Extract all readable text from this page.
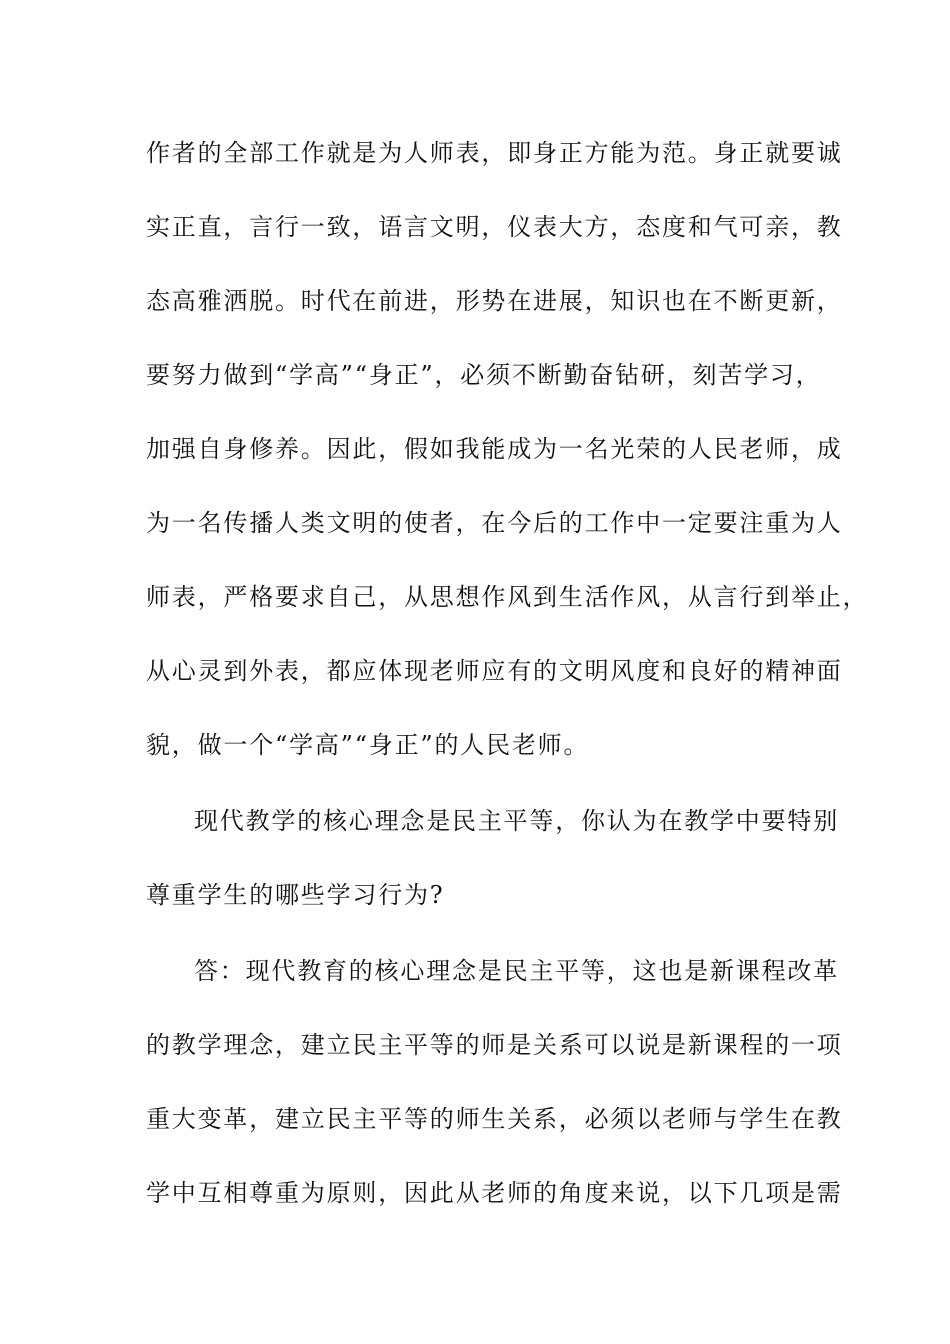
作者的全部工作就是为人师表，即身正方能为范。身正就要诚
实正直，言行一致，语言文明，仪表大方，态度和气可亲，教
态高雅洒脱。时代在前进，形势在进展，知识也在不断更新，
要努力做到“学高”“身正”，必须不断勤奋钻研，刻苦学习，
加强自身修养。因此，假如我能成为一名光荣的人民老师，成
为一名传播人类文明的使者，在今后的工作中一定要注重为人
师表，严格要求自己，从思想作风到生活作风，从言行到举止，
从心灵到外表，都应体现老师应有的文明风度和良好的精神面
貌，做一个“学高”“身正”的人民老师。
现代教学的核心理念是民主平等，你认为在教学中要特别
尊重学生的哪些学习行为?
答：现代教育的核心理念是民主平等，这也是新课程改革
的教学理念，建立民主平等的师是关系可以说是新课程的一项
重大变革，建立民主平等的师生关系，必须以老师与学生在教
学中互相尊重为原则，因此从老师的角度来说，以下几项是需
